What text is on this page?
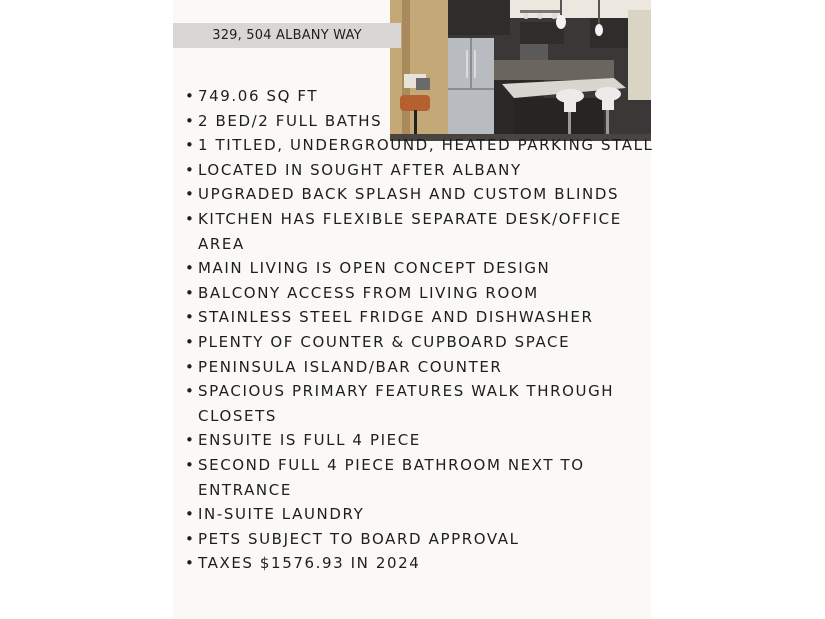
329, 504 ALBANY WAY
• 749.06 SQ FT
• 2 BED/2 FULL BATHS
• 1 TITLED, UNDERGROUND, HEATED PARKING STALL
• LOCATED IN SOUGHT AFTER ALBANY
• UPGRADED BACK SPLASH AND CUSTOM BLINDS
• KITCHEN HAS FLEXIBLE SEPARATE DESK/OFFICE
AREA
• MAIN LIVING IS OPEN CONCEPT DESIGN
• BALCONY ACCESS FROM LIVING ROOM
• STAINLESS STEEL FRIDGE AND DISHWASHER
• PLENTY OF COUNTER & CUPBOARD SPACE
• PENINSULA ISLAND/BAR COUNTER
• SPACIOUS PRIMARY FEATURES WALK THROUGH
CLOSETS
• ENSUITE IS FULL 4 PIECE
• SECOND FULL 4 PIECE BATHROOM NEXT TO
ENTRANCE
• IN-SUITE LAUNDRY
• PETS SUBJECT TO BOARD APPROVAL
• TAXES $1576.93 IN 2024
